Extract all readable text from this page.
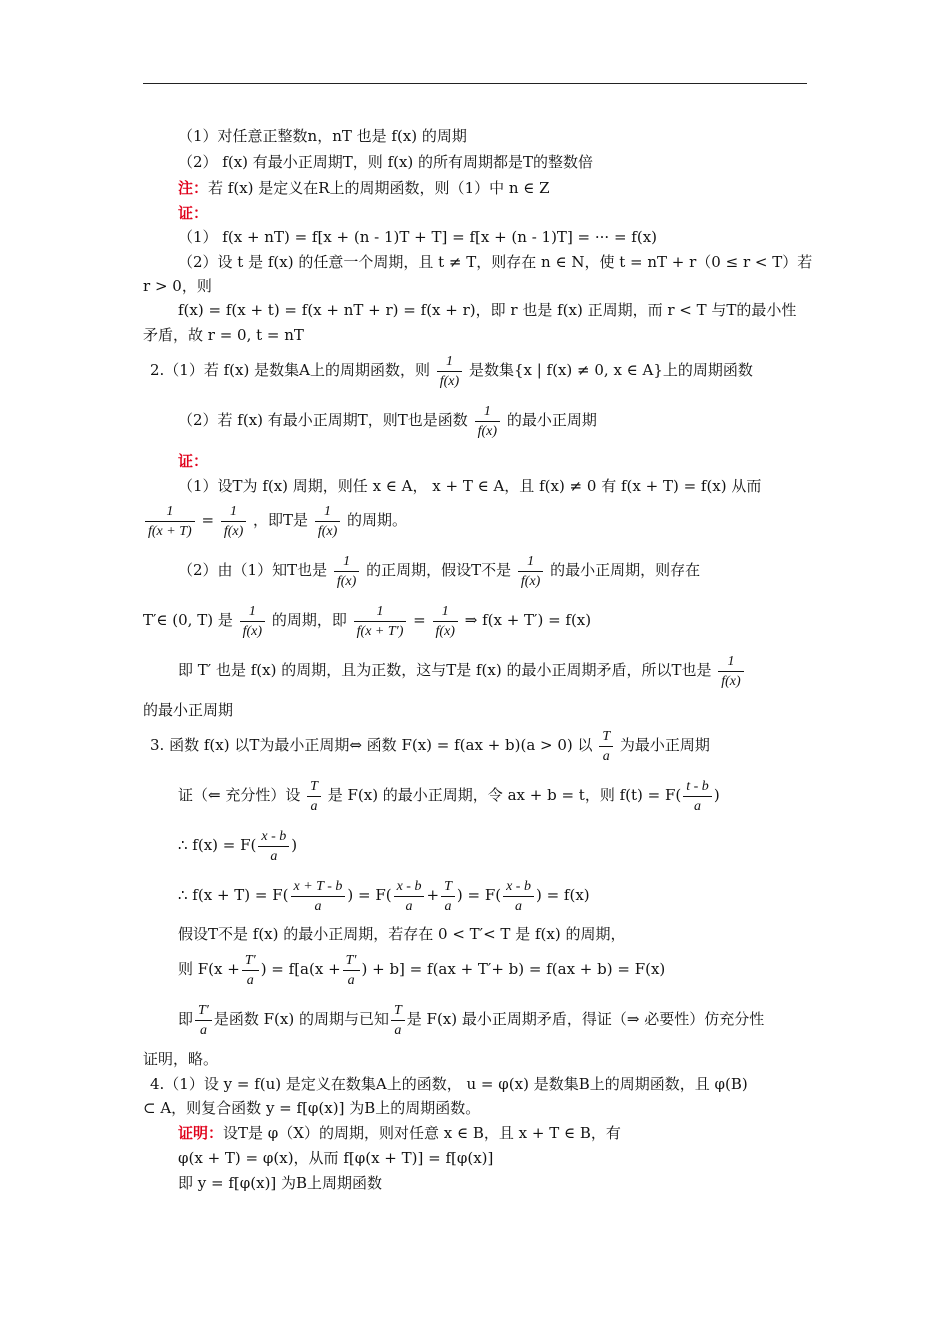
（1）对任意正整数n，nT 也是 f(x) 的周期
（2） f(x) 有最小正周期T，则 f(x) 的所有周期都是T的整数倍
注：若 f(x) 是定义在R上的周期函数，则（1）中 n ∈ Z
证：
（1） f(x + nT) = f[x + (n - 1)T + T] = f[x + (n - 1)T] = ··· = f(x)
（2）设 t 是 f(x) 的任意一个周期，且 t ≠ T，则存在 n ∈ N，使 t = nT + r（0 ≤ r < T）若
r > 0，则
f(x) = f(x + t) = f(x + nT + r) = f(x + r)，即 r 也是 f(x) 正周期，而 r < T 与T的最小性
矛盾，故 r = 0, t = nT
2.（1）若 f(x) 是数集A上的周期函数，则 $\frac{1}{f(x)}$ 是数集{x | f(x) ≠ 0, x ∈ A}上的周期函数
（2）若 f(x) 有最小正周期T，则T也是函数 $\frac{1}{f(x)}$ 的最小正周期
证：
（1）设T为 f(x) 周期，则任 x ∈ A， x + T ∈ A，且 f(x) ≠ 0 有 f(x + T) = f(x) 从而
$\frac{1}{f(x + T)} = \frac{1}{f(x)}$ ，即T是 $\frac{1}{f(x)}$ 的周期。
（2）由（1）知T也是 $\frac{1}{f(x)}$ 的正周期，假设T不是 $\frac{1}{f(x)}$ 的最小正周期，则存在
T′∈ (0, T) 是 $\frac{1}{f(x)}$ 的周期，即 $\frac{1}{f(x + T')} = \frac{1}{f(x)}$ ⇒ f(x + T′) = f(x)
即 T′ 也是 f(x) 的周期，且为正数，这与T是 f(x) 的最小正周期矛盾，所以T也是 $\frac{1}{f(x)}$
的最小正周期
3. 函数 f(x) 以T为最小正周期⇔ 函数 F(x) = f(ax + b)(a > 0) 以 $\frac{T}{a}$ 为最小正周期
证（⇐ 充分性）设 $\frac{T}{a}$ 是 F(x) 的最小正周期，令 ax + b = t，则 $f(t) = F( \frac{t - b}{a}$ )
∴ $f(x) = F( \frac{x - b}{a}$ )
∴ $f(x + T) = F( \frac{x + T - b}{a}$ ) = $F( \frac{x - b}{a} + \frac{T}{a}$ ) = $F( \frac{x - b}{a}$ ) = f(x)
假设T不是 f(x) 的最小正周期，若存在 0 < T′< T 是 f(x) 的周期，
则 $F(x + \frac{T'}{a}$ ) = $f[a(x + \frac{T'}{a}$ ) + b] = f(ax + T′+ b) = f(ax + b) = F(x)
即 $\frac{T'}{a}$ 是函数 F(x) 的周期与已知 $\frac{T}{a}$ 是 F(x) 最小正周期矛盾，得证（⇒ 必要性）仿充分性
证明，略。
4.（1）设 y = f(u) 是定义在数集A上的函数， u = φ(x) 是数集B上的周期函数，且 φ(B)
⊂ A，则复合函数 y = f[φ(x)] 为B上的周期函数。
证明：设T是 φ（X）的周期，则对任意 x ∈ B，且 x + T ∈ B，有
φ(x + T) = φ(x)，从而 f[φ(x + T)] = f[φ(x)]
即 y = f[φ(x)] 为B上周期函数
